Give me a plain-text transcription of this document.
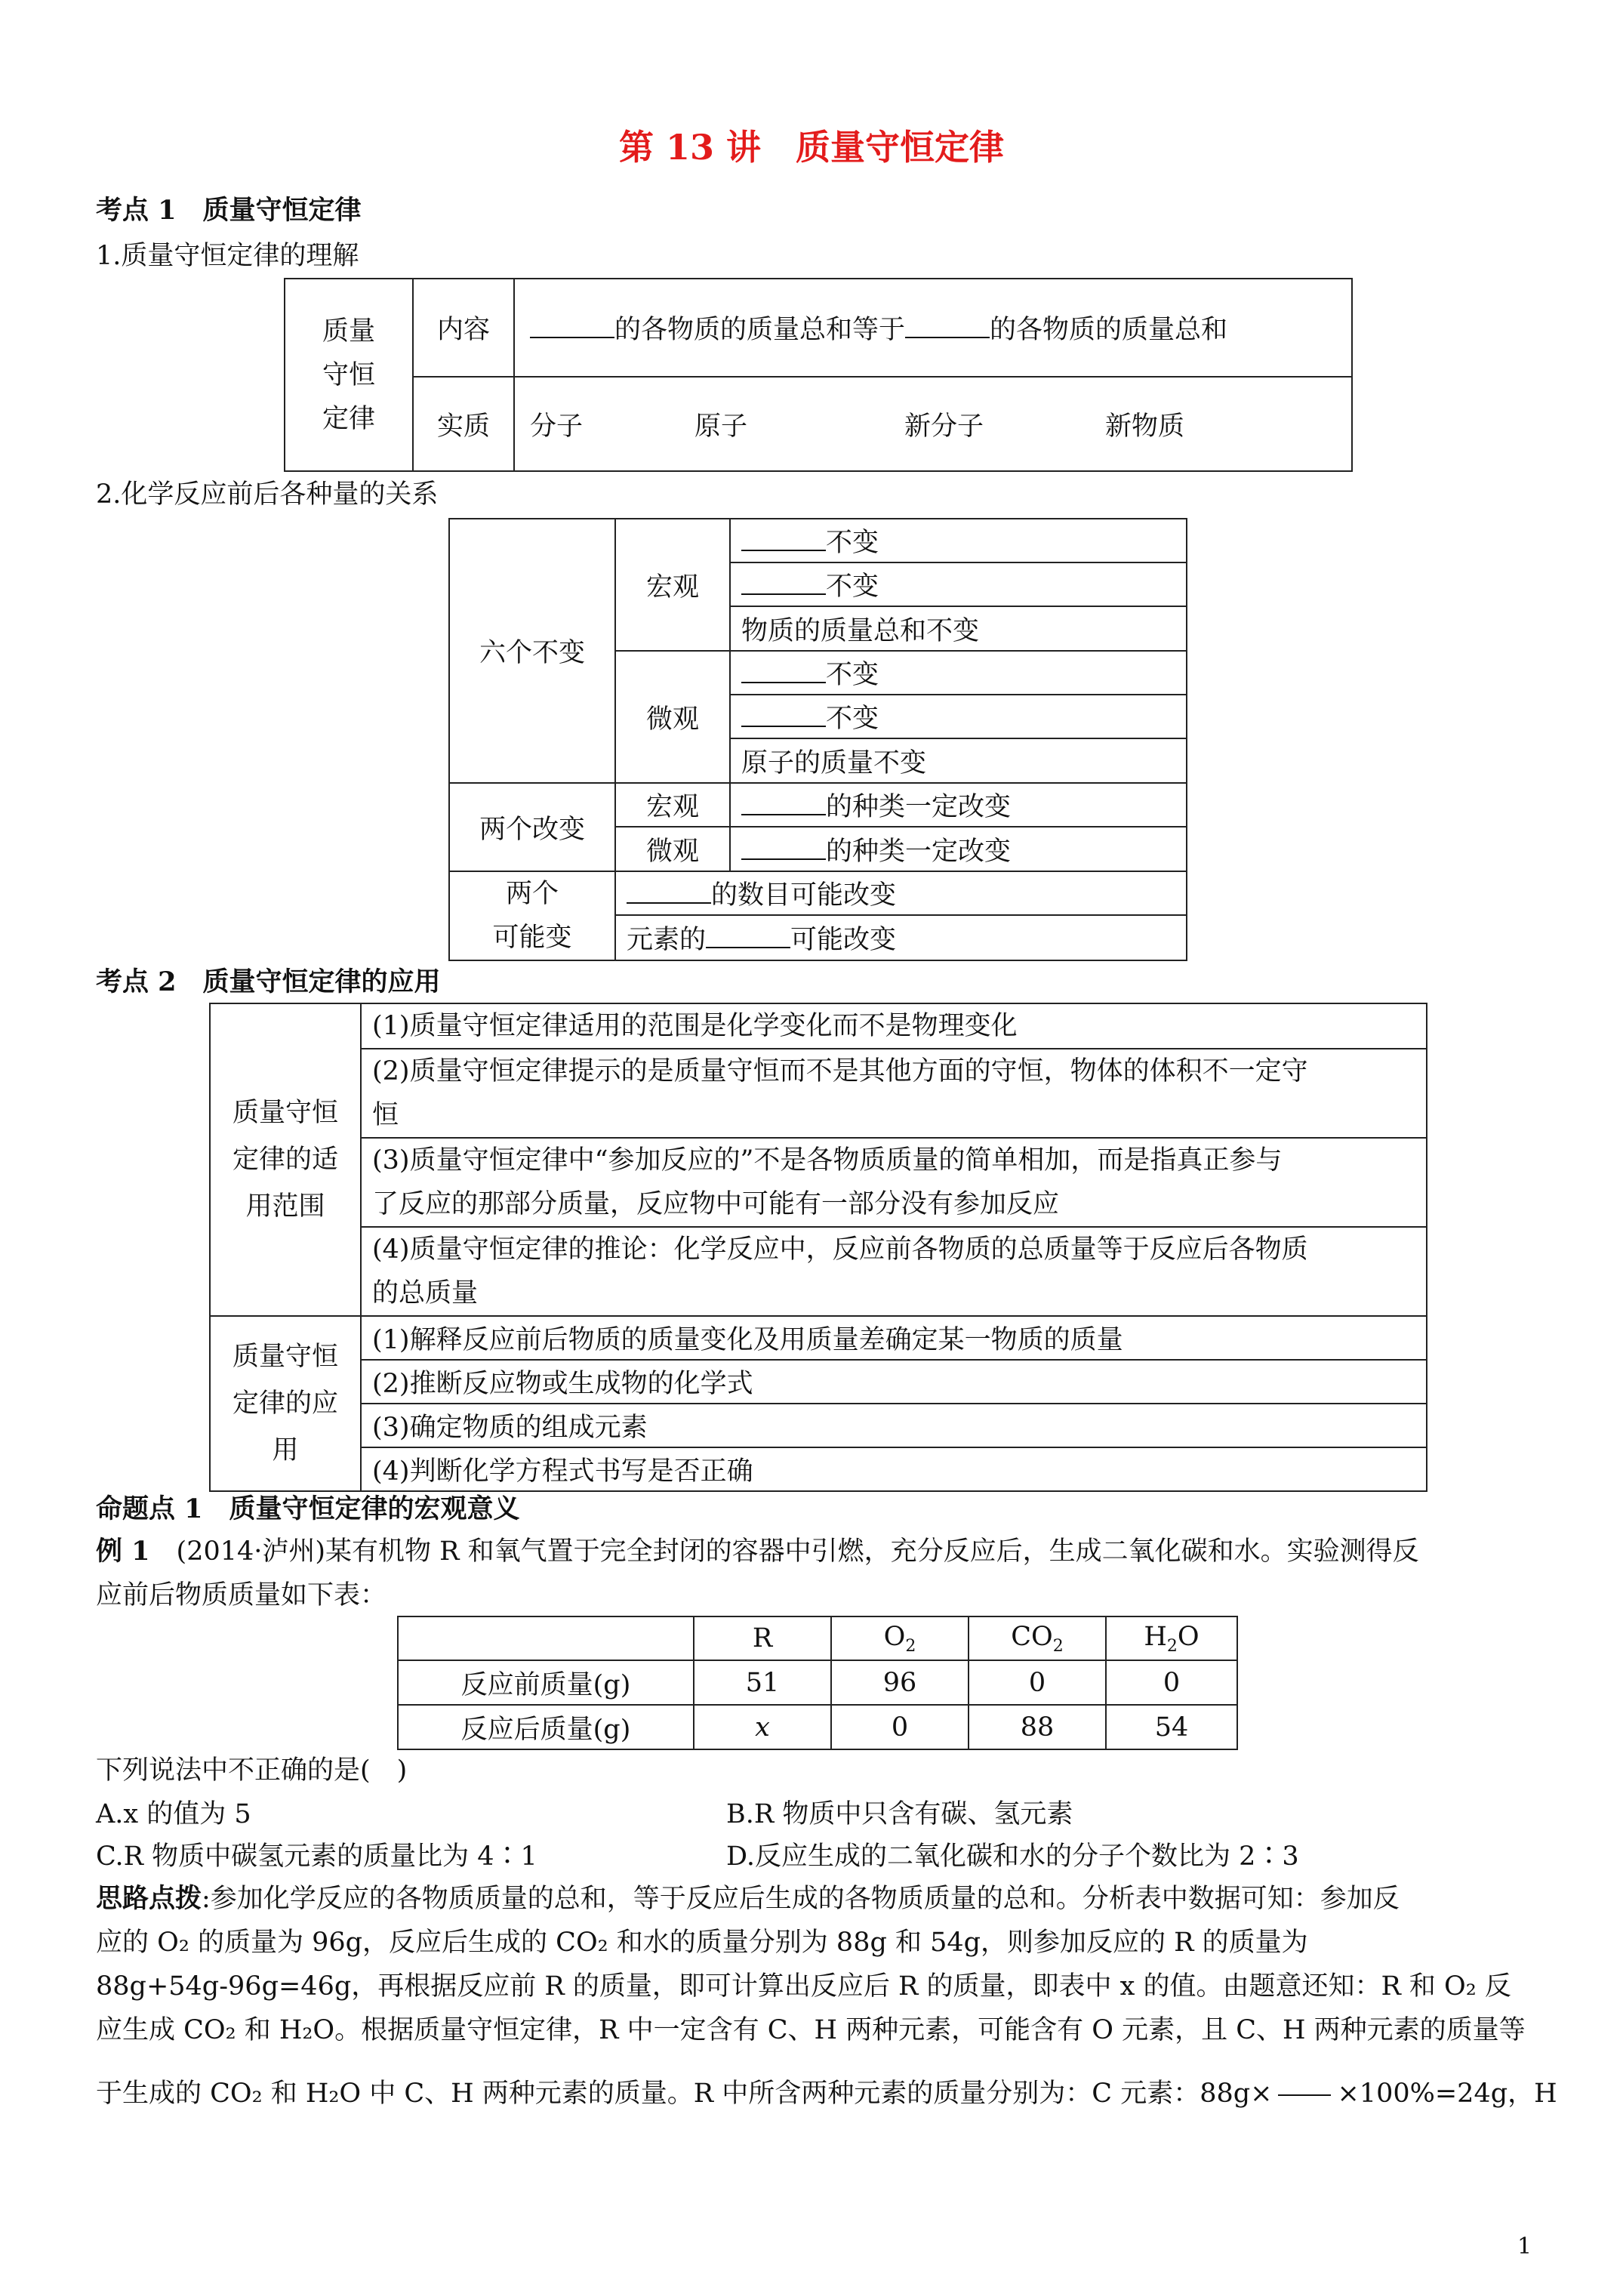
第 13 讲　质量守恒定律
考点 1　质量守恒定律
1.质量守恒定律的理解
质量
守恒
定律	内容	的各物质的质量总和等于 的各物质的质量总和
	实质	分子 原子 新分子 新物质
2.化学反应前后各种量的关系
六个不变	宏观	不变
		不变
		物质的质量总和不变
	微观	不变
		不变
		原子的质量不变
两个改变	宏观	的种类一定改变
	微观	的种类一定改变

两个
可能变	的数目可能改变	
	元素的 可能改变	
考点 2　质量守恒定律的应用
质量守恒
定律的适
用范围	(1)质量守恒定律适用的范围是化学变化而不是物理变化

	(2)质量守恒定律提示的是质量守恒而不是其他方面的守恒，物体的体积不一定守
恒

	(3)质量守恒定律中“参加反应的”不是各物质质量的简单相加，而是指真正参与
了反应的那部分质量，反应物中可能有一部分没有参加反应

	(4)质量守恒定律的推论：化学反应中，反应前各物质的总质量等于反应后各物质
的总质量

质量守恒
定律的应
用	(1)解释反应前后物质的质量变化及用质量差确定某一物质的质量
	(2)推断反应物或生成物的化学式
	(3)确定物质的组成元素
	(4)判断化学方程式书写是否正确
命题点 1　质量守恒定律的宏观意义
例 1　(2014·泸州)某有机物 R 和氧气置于完全封闭的容器中引燃，充分反应后，生成二氧化碳和水。实验测得反
应前后物质质量如下表：
	R	$O_2$	$CO_2$	$H_2O$
反应前质量(g)	51	96	0	0
反应后质量(g)	x	0	88	54
下列说法中不正确的是(　)
A.x 的值为 5	B.R 物质中只含有碳、氢元素
C.R 物质中碳氢元素的质量比为 4∶1	D.反应生成的二氧化碳和水的分子个数比为 2∶3
思路点拨:参加化学反应的各物质质量的总和，等于反应后生成的各物质质量的总和。分析表中数据可知：参加反
应的 O₂ 的质量为 96g，反应后生成的 CO₂ 和水的质量分别为 88g 和 54g，则参加反应的 R 的质量为
88g+54g-96g=46g，再根据反应前 R 的质量，即可计算出反应后 R 的质量，即表中 x 的值。由题意还知：R 和 O₂ 反
应生成 CO₂ 和 H₂O。根据质量守恒定律，R 中一定含有 C、H 两种元素，可能含有 O 元素，且 C、H 两种元素的质量等
于生成的 CO₂ 和 H₂O 中 C、H 两种元素的质量。R 中所含两种元素的质量分别为：C 元素：88g× ×100%=24g，H
1
